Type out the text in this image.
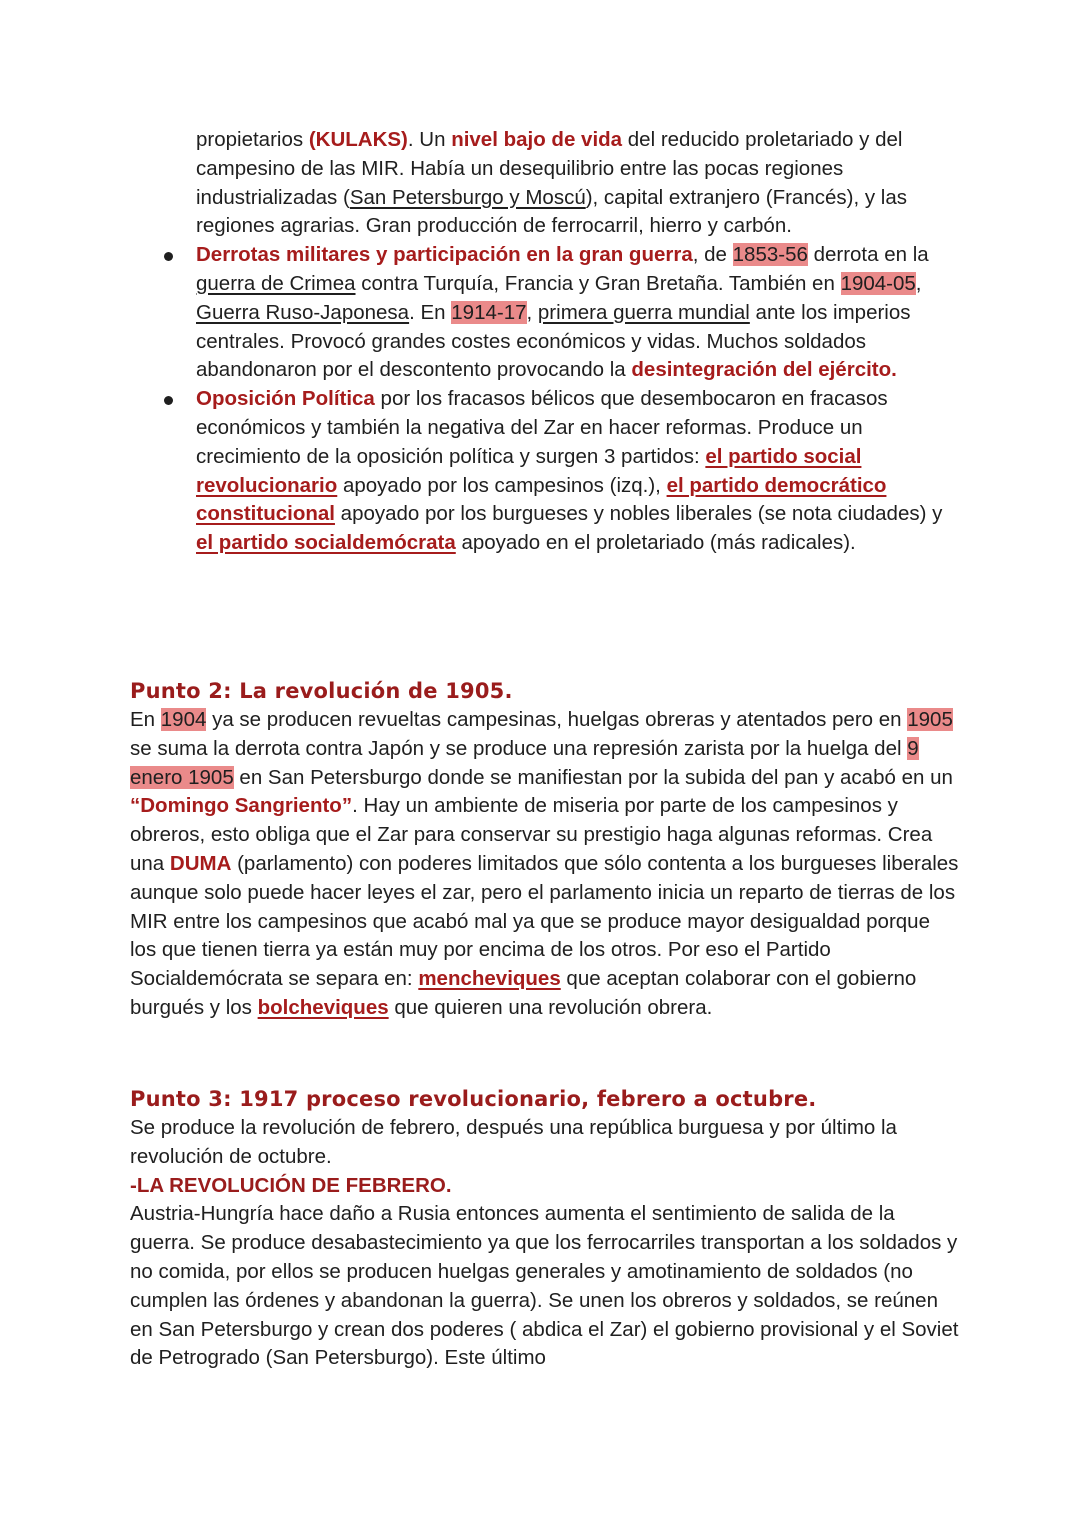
propietarios (KULAKS). Un nivel bajo de vida del reducido proletariado y del campesino de las MIR. Había un desequilibrio entre las pocas regiones industrializadas (San Petersburgo y Moscú), capital extranjero (Francés), y las regiones agrarias. Gran producción de ferrocarril, hierro y carbón.
Derrotas militares y participación en la gran guerra, de 1853-56 derrota en la guerra de Crimea contra Turquía, Francia y Gran Bretaña. También en 1904-05, Guerra Ruso-Japonesa. En 1914-17, primera guerra mundial ante los imperios centrales. Provocó grandes costes económicos y vidas. Muchos soldados abandonaron por el descontento provocando la desintegración del ejército.
Oposición Política por los fracasos bélicos que desembocaron en fracasos económicos y también la negativa del Zar en hacer reformas. Produce un crecimiento de la oposición política y surgen 3 partidos: el partido social revolucionario apoyado por los campesinos (izq.), el partido democrático constitucional apoyado por los burgueses y nobles liberales (se nota ciudades) y el partido socialdemócrata apoyado en el proletariado (más radicales).
Punto 2: La revolución de 1905.

En 1904 ya se producen revueltas campesinas, huelgas obreras y atentados pero en 1905 se suma la derrota contra Japón y se produce una represión zarista por la huelga del 9 enero 1905 en San Petersburgo donde se manifiestan por la subida del pan y acabó en un “Domingo Sangriento”. Hay un ambiente de miseria por parte de los campesinos y obreros, esto obliga que el Zar para conservar su prestigio haga algunas reformas. Crea una DUMA (parlamento) con poderes limitados que sólo contenta a los burgueses liberales aunque solo puede hacer leyes el zar, pero el parlamento inicia un reparto de tierras de los MIR entre los campesinos que acabó mal ya que se produce mayor desigualdad porque los que tienen tierra ya están muy por encima de los otros. Por eso el Partido Socialdemócrata se separa en: mencheviques que aceptan colaborar con el gobierno burgués y los bolcheviques que quieren una revolución obrera.

Punto 3: 1917 proceso revolucionario, febrero a octubre.

Se produce la revolución de febrero, después una república burguesa y por último la revolución de octubre.

-LA REVOLUCIÓN DE FEBRERO.

Austria-Hungría hace daño a Rusia entonces aumenta el sentimiento de salida de la guerra. Se produce desabastecimiento ya que los ferrocarriles transportan a los soldados y no comida, por ellos se producen huelgas generales y amotinamiento de soldados (no cumplen las órdenes y abandonan la guerra). Se unen los obreros y soldados, se reúnen en San Petersburgo y crean dos poderes ( abdica el Zar) el gobierno provisional y el Soviet de Petrogrado (San Petersburgo). Este último
